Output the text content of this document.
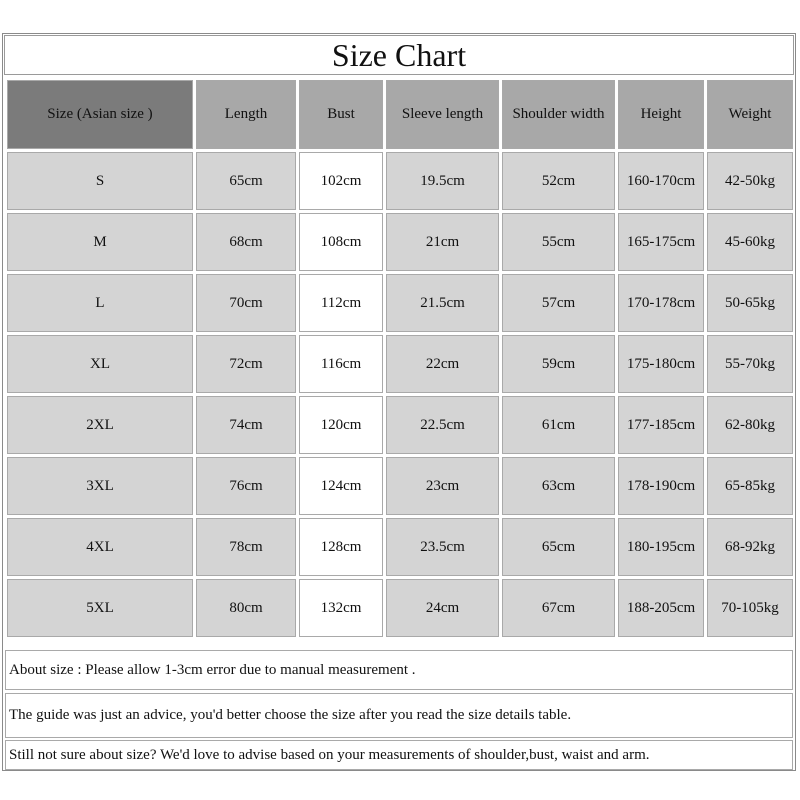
Size Chart
Size (Asian size )	Length	Bust	Sleeve length	Shoulder width	Height	Weight
S	65cm	102cm	19.5cm	52cm	160-170cm	42-50kg
M	68cm	108cm	21cm	55cm	165-175cm	45-60kg
L	70cm	112cm	21.5cm	57cm	170-178cm	50-65kg
XL	72cm	116cm	22cm	59cm	175-180cm	55-70kg
2XL	74cm	120cm	22.5cm	61cm	177-185cm	62-80kg
3XL	76cm	124cm	23cm	63cm	178-190cm	65-85kg
4XL	78cm	128cm	23.5cm	65cm	180-195cm	68-92kg
5XL	80cm	132cm	24cm	67cm	188-205cm	70-105kg
About size : Please allow 1-3cm error due to manual measurement .
The guide was just an advice, you'd better choose the size after you read the size details table.
Still not sure about size? We'd love to advise based on your measurements of shoulder,bust, waist and arm.
